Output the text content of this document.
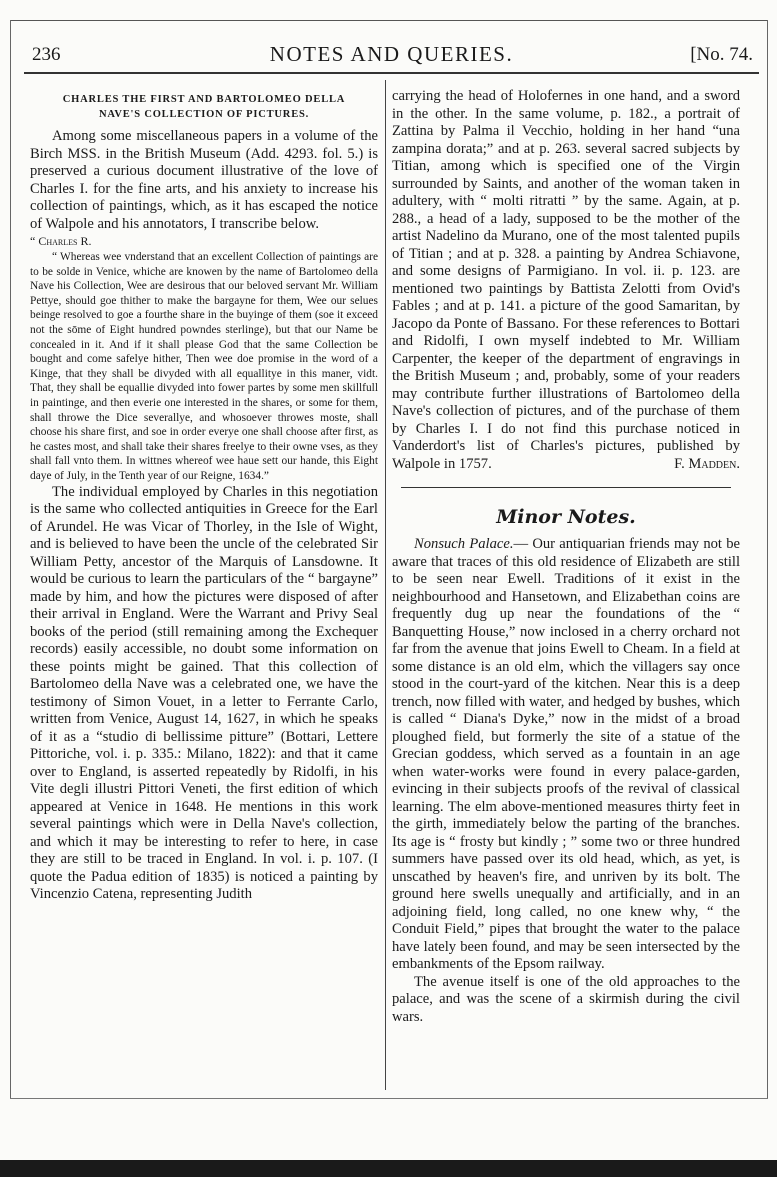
236	NOTES AND QUERIES.	[No. 74.
CHARLES THE FIRST AND BARTOLOMEO DELLA
NAVE'S COLLECTION OF PICTURES.

Among some miscellaneous papers in a volume of the Birch MSS. in the British Museum (Add. 4293. fol. 5.) is preserved a curious document illustrative of the love of Charles I. for the fine arts, and his anxiety to increase his collection of paintings, which, as it has escaped the notice of Walpole and his annotators, I transcribe below.

“ Charles R.

“ Whereas wee vnderstand that an excellent Collection of paintings are to be solde in Venice, whiche are knowen by the name of Bartolomeo della Nave his Collection, Wee are desirous that our beloved servant Mr. William Pettye, should goe thither to make the bargayne for them, Wee our selues beinge resolved to goe a fourthe share in the buyinge of them (soe it exceed not the sōme of Eight hundred powndes sterlinge), but that our Name be concealed in it. And if it shall please God that the same Collection be bought and come safelye hither, Then wee doe promise in the word of a Kinge, that they shall be divyded with all equallitye in this maner, vidt. That, they shall be equallie divyded into fower partes by some men skillfull in paintinge, and then everie one interested in the shares, or some for them, shall throwe the Dice severallye, and whosoever throwes moste, shall choose his share first, and soe in order everye one shall choose after first, as he castes most, and shall take their shares freelye to their owne vses, as they shall fall vnto them. In wittnes whereof wee haue sett our hande, this Eight daye of July, in the Tenth year of our Reigne, 1634.”

The individual employed by Charles in this negotiation is the same who collected antiquities in Greece for the Earl of Arundel. He was Vicar of Thorley, in the Isle of Wight, and is believed to have been the uncle of the celebrated Sir William Petty, ancestor of the Marquis of Lansdowne. It would be curious to learn the particulars of the “ bargayne” made by him, and how the pictures were disposed of after their arrival in England. Were the Warrant and Privy Seal books of the period (still remaining among the Exchequer records) easily accessible, no doubt some information on these points might be gained. That this collection of Bartolomeo della Nave was a celebrated one, we have the testimony of Simon Vouet, in a letter to Ferrante Carlo, written from Venice, August 14, 1627, in which he speaks of it as a “studio di bellissime pitture” (Bottari, Lettere Pittoriche, vol. i. p. 335.: Milano, 1822): and that it came over to England, is asserted repeatedly by Ridolfi, in his Vite degli illustri Pittori Veneti, the first edition of which appeared at Venice in 1648. He mentions in this work several paintings which were in Della Nave's collection, and which it may be interesting to refer to here, in case they are still to be traced in England. In vol. i. p. 107. (I quote the Padua edition of 1835) is noticed a painting by Vincenzio Catena, representing Judith

carrying the head of Holofernes in one hand, and a sword in the other. In the same volume, p. 182., a portrait of Zattina by Palma il Vecchio, holding in her hand “una zampina dorata;” and at p. 263. several sacred subjects by Titian, among which is specified one of the Virgin surrounded by Saints, and another of the woman taken in adultery, with “ molti ritratti ” by the same. Again, at p. 288., a head of a lady, supposed to be the mother of the artist Nadelino da Murano, one of the most talented pupils of Titian ; and at p. 328. a painting by Andrea Schiavone, and some designs of Parmigiano. In vol. ii. p. 123. are mentioned two paintings by Battista Zelotti from Ovid's Fables ; and at p. 141. a picture of the good Samaritan, by Jacopo da Ponte of Bassano. For these references to Bottari and Ridolfi, I own myself indebted to Mr. William Carpenter, the keeper of the department of engravings in the British Museum ; and, probably, some of your readers may contribute further illustrations of Bartolomeo della Nave's collection of pictures, and of the purchase of them by Charles I. I do not find this purchase noticed in Vanderdort's list of Charles's pictures, published by Walpole in 1757.	F. Madden.

Minor Notes.

Nonsuch Palace.— Our antiquarian friends may not be aware that traces of this old residence of Elizabeth are still to be seen near Ewell. Traditions of it exist in the neighbourhood and Hansetown, and Elizabethan coins are frequently dug up near the foundations of the “ Banquetting House,” now inclosed in a cherry orchard not far from the avenue that joins Ewell to Cheam. In a field at some distance is an old elm, which the villagers say once stood in the court-yard of the kitchen. Near this is a deep trench, now filled with water, and hedged by bushes, which is called “ Diana's Dyke,” now in the midst of a broad ploughed field, but formerly the site of a statue of the Grecian goddess, which served as a fountain in an age when water-works were found in every palace-garden, evincing in their subjects proofs of the revival of classical learning. The elm above-mentioned measures thirty feet in the girth, immediately below the parting of the branches. Its age is “ frosty but kindly ; ” some two or three hundred summers have passed over its old head, which, as yet, is unscathed by heaven's fire, and unriven by its bolt. The ground here swells unequally and artificially, and in an adjoining field, long called, no one knew why, “ the Conduit Field,” pipes that brought the water to the palace have lately been found, and may be seen intersected by the embankments of the Epsom railway.

The avenue itself is one of the old approaches to the palace, and was the scene of a skirmish during the civil wars.
